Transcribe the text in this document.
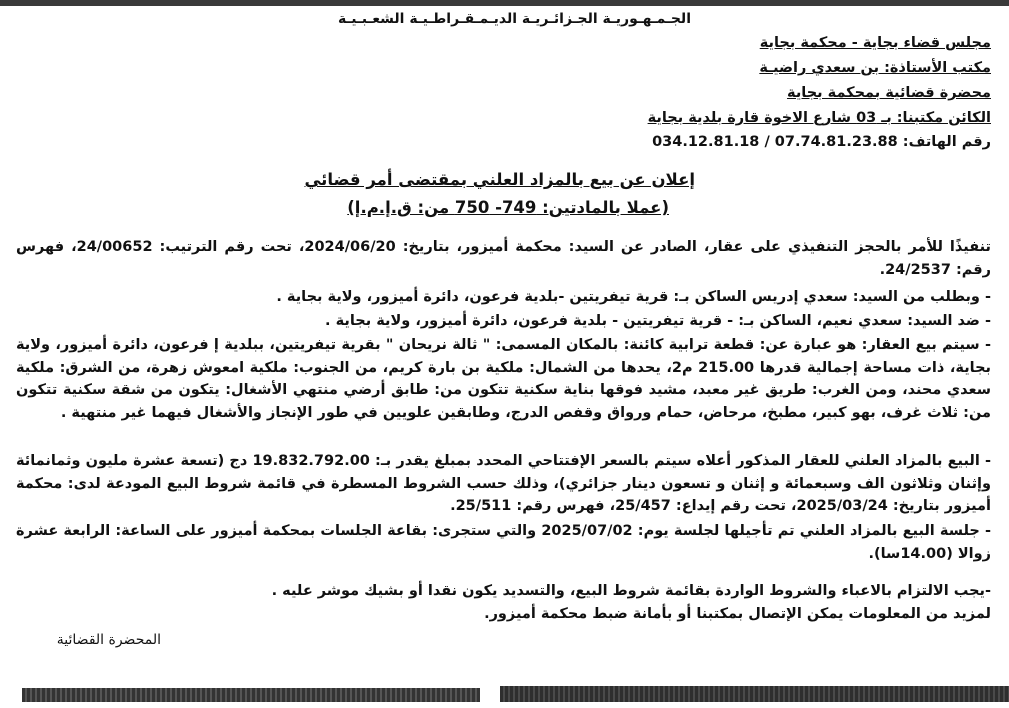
الجـمـهـوريـة الجـزائـريـة الديـمـقـراطـيـة الشعـبـيـة
مجلس قضاء بجاية - محكمة بجاية
مكتب الأستاذة: بن سعدي راضيـة
محضرة قضائية بمحكمة بجاية
الكائن مكتبنا: بـ 03 شارع الاخوة قارة بلدية بجاية
رقم الهاتف: 07.74.81.23.88 / 034.12.81.18
إعلان عن بيع بالمزاد العلني بمقتضى أمر قضائي
(عملا بالمادتين: 749- 750 من: ق.إ.م.إ)
تنفيذًا للأمر بالحجز التنفيذي على عقار، الصادر عن السيد: محكمة أميزور، بتاريخ: 2024/06/20، تحت رقم الترتيب: 24/00652، فهرس رقم: 24/2537.
- وبطلب من السيد: سعدي إدريس الساكن بـ: قرية تيفريتين -بلدية فرعون، دائرة أميزور، ولاية بجاية .
- ضد السيد: سعدي نعيم، الساكن بـ: - قرية تيفريتين - بلدية فرعون، دائرة أميزور، ولاية بجاية .
- سيتم بيع العقار: هو عبارة عن: قطعة ترابية كائنة: بالمكان المسمى: " ثالة نريحان " بقرية تيفريتين، ببلدية إ فرعون، دائرة أميزور، ولاية بجاية، ذات مساحة إجمالية قدرها 215.00 م2، يحدها من الشمال: ملكية بن بارة كريم، من الجنوب: ملكية امعوش زهرة، من الشرق: ملكية سعدي محند، ومن الغرب: طريق غير معبد، مشيد فوقها بناية سكنية تتكون من: طابق أرضي منتهي الأشغال: يتكون من شقة سكنية تتكون من: ثلاث غرف، بهو كبير، مطبخ، مرحاض، حمام ورواق وقفص الدرج، وطابقين علويين في طور الإنجاز والأشغال فيهما غير منتهية .
- البيع بالمزاد العلني للعقار المذكور أعلاه سيتم بالسعر الإفتتاحي المحدد بمبلغ يقدر بـ: 19.832.792.00 دج (تسعة عشرة مليون وثمانمائة وإثنان وثلاثون الف وسبعمائة و إثنان و تسعون دينار جزائري)، وذلك حسب الشروط المسطرة في قائمة شروط البيع المودعة لدى: محكمة أميزور بتاريخ: 2025/03/24، تحت رقم إيداع: 25/457، فهرس رقم: 25/511.
- جلسة البيع بالمزاد العلني تم تأجيلها لجلسة يوم: 2025/07/02 والتي ستجرى: بقاعة الجلسات بمحكمة أميزور على الساعة: الرابعة عشرة زوالا (14.00سا).
-يجب الالتزام بالاعباء والشروط الواردة بقائمة شروط البيع، والتسديد يكون نقدا أو بشيك موشر عليه .
لمزيد من المعلومات يمكن الإتصال بمكتبنا أو بأمانة ضبط محكمة أميزور.
المحضرة القضائية
